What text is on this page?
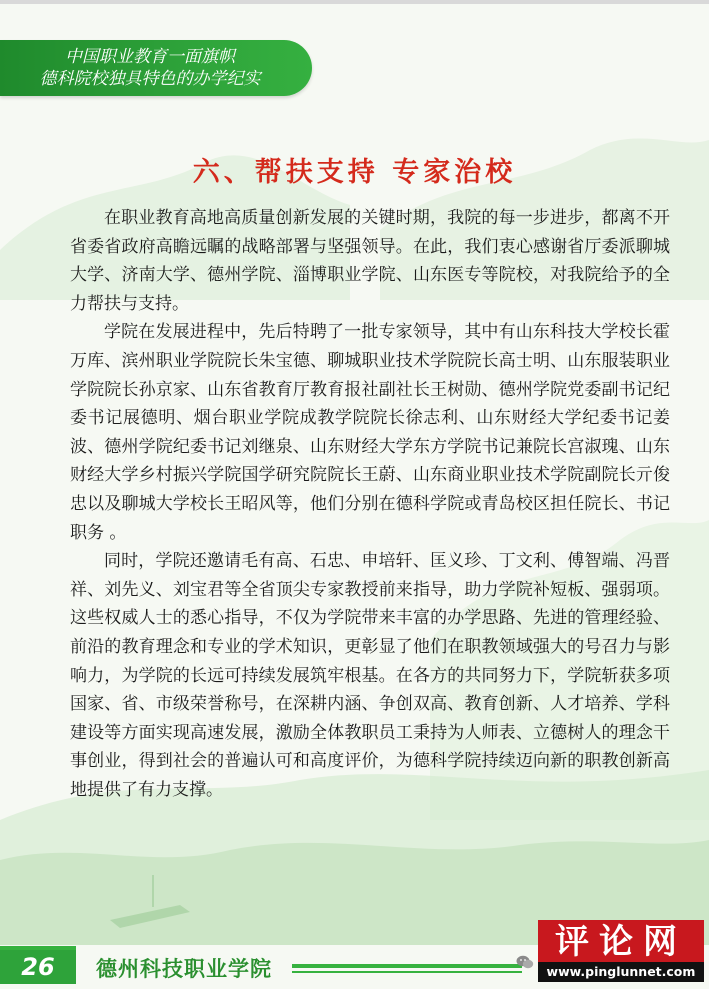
中国职业教育一面旗帜
德科院校独具特色的办学纪实
六、帮扶支持 专家治校

在职业教育高地高质量创新发展的关键时期，我院的每一步进步，都离不开省委省政府高瞻远瞩的战略部署与坚强领导。在此，我们衷心感谢省厅委派聊城大学、济南大学、德州学院、淄博职业学院、山东医专等院校，对我院给予的全力帮扶与支持。

学院在发展进程中，先后特聘了一批专家领导，其中有山东科技大学校长霍万库、滨州职业学院院长朱宝德、聊城职业技术学院院长高士明、山东服装职业学院院长孙京家、山东省教育厅教育报社副社长王树勋、德州学院党委副书记纪委书记展德明、烟台职业学院成教学院院长徐志利、山东财经大学纪委书记姜波、德州学院纪委书记刘继泉、山东财经大学东方学院书记兼院长宫淑瑰、山东财经大学乡村振兴学院国学研究院院长王蔚、山东商业职业技术学院副院长亓俊忠以及聊城大学校长王昭风等，他们分别在德科学院或青岛校区担任院长、书记职务 。

同时，学院还邀请毛有高、石忠、申培轩、匡义珍、丁文利、傅智端、冯晋祥、刘先义、刘宝君等全省顶尖专家教授前来指导，助力学院补短板、强弱项。这些权威人士的悉心指导，不仅为学院带来丰富的办学思路、先进的管理经验、前沿的教育理念和专业的学术知识，更彰显了他们在职教领域强大的号召力与影响力，为学院的长远可持续发展筑牢根基。在各方的共同努力下，学院斩获多项国家、省、市级荣誉称号，在深耕内涵、争创双高、教育创新、人才培养、学科建设等方面实现高速发展，激励全体教职员工秉持为人师表、立德树人的理念干事创业，得到社会的普遍认可和高度评价，为德科学院持续迈向新的职教创新高地提供了有力支撑。

26	德州科技职业学院
评论网
www.pinglunnet.com
